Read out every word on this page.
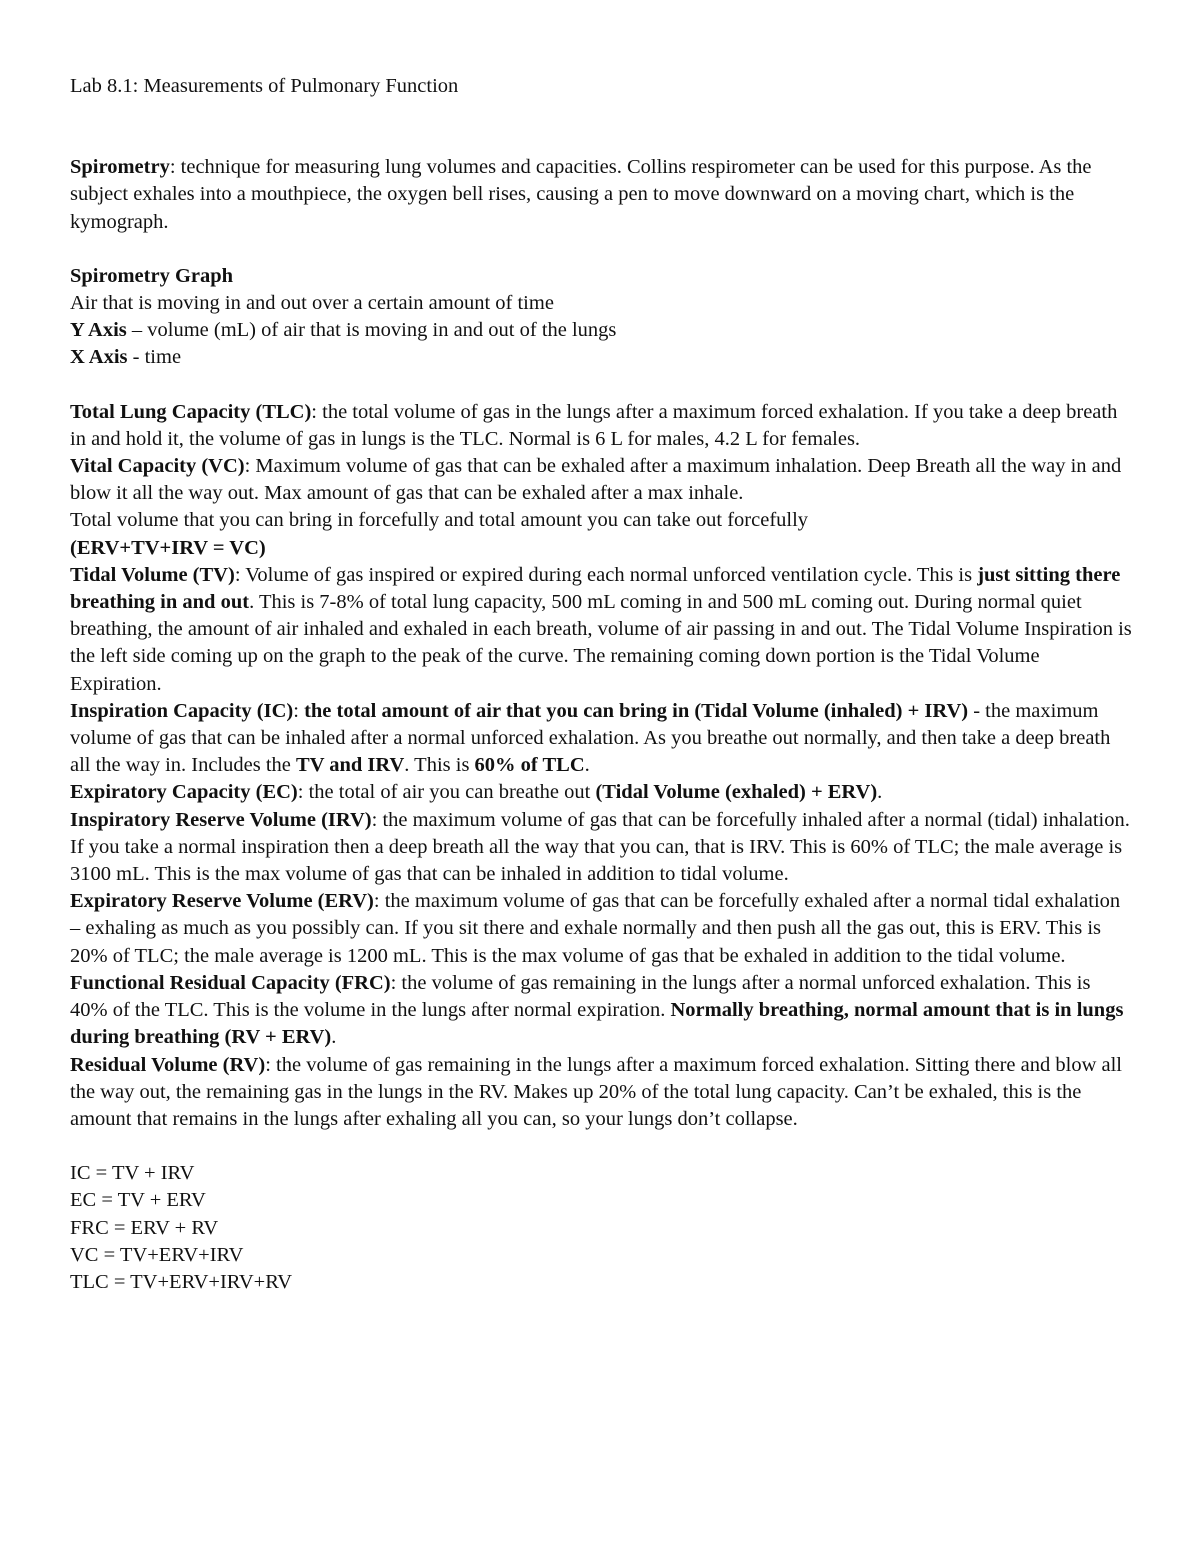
Lab 8.1: Measurements of Pulmonary Function

Spirometry: technique for measuring lung volumes and capacities. Collins respirometer can be used for this purpose. As the subject exhales into a mouthpiece, the oxygen bell rises, causing a pen to move downward on a moving chart, which is the kymograph.

Spirometry Graph

Air that is moving in and out over a certain amount of time

Y Axis – volume (mL) of air that is moving in and out of the lungs

X Axis - time

Total Lung Capacity (TLC): the total volume of gas in the lungs after a maximum forced exhalation. If you take a deep breath in and hold it, the volume of gas in lungs is the TLC. Normal is 6 L for males, 4.2 L for females.

Vital Capacity (VC): Maximum volume of gas that can be exhaled after a maximum inhalation. Deep Breath all the way in and blow it all the way out. Max amount of gas that can be exhaled after a max inhale.

Total volume that you can bring in forcefully and total amount you can take out forcefully

(ERV+TV+IRV = VC)

Tidal Volume (TV): Volume of gas inspired or expired during each normal unforced ventilation cycle. This is just sitting there breathing in and out. This is 7-8% of total lung capacity, 500 mL coming in and 500 mL coming out. During normal quiet breathing, the amount of air inhaled and exhaled in each breath, volume of air passing in and out. The Tidal Volume Inspiration is the left side coming up on the graph to the peak of the curve. The remaining coming down portion is the Tidal Volume Expiration.

Inspiration Capacity (IC): the total amount of air that you can bring in (Tidal Volume (inhaled) + IRV) - the maximum volume of gas that can be inhaled after a normal unforced exhalation. As you breathe out normally, and then take a deep breath all the way in. Includes the TV and IRV. This is 60% of TLC.

Expiratory Capacity (EC): the total of air you can breathe out (Tidal Volume (exhaled) + ERV).

Inspiratory Reserve Volume (IRV): the maximum volume of gas that can be forcefully inhaled after a normal (tidal) inhalation. If you take a normal inspiration then a deep breath all the way that you can, that is IRV. This is 60% of TLC; the male average is 3100 mL. This is the max volume of gas that can be inhaled in addition to tidal volume.

Expiratory Reserve Volume (ERV): the maximum volume of gas that can be forcefully exhaled after a normal tidal exhalation – exhaling as much as you possibly can. If you sit there and exhale normally and then push all the gas out, this is ERV. This is 20% of TLC; the male average is 1200 mL. This is the max volume of gas that be exhaled in addition to the tidal volume.

Functional Residual Capacity (FRC): the volume of gas remaining in the lungs after a normal unforced exhalation. This is 40% of the TLC. This is the volume in the lungs after normal expiration. Normally breathing, normal amount that is in lungs during breathing (RV + ERV).

Residual Volume (RV): the volume of gas remaining in the lungs after a maximum forced exhalation. Sitting there and blow all the way out, the remaining gas in the lungs in the RV. Makes up 20% of the total lung capacity. Can’t be exhaled, this is the amount that remains in the lungs after exhaling all you can, so your lungs don’t collapse.

IC = TV + IRV

EC = TV + ERV

FRC = ERV + RV

VC = TV+ERV+IRV

TLC = TV+ERV+IRV+RV
